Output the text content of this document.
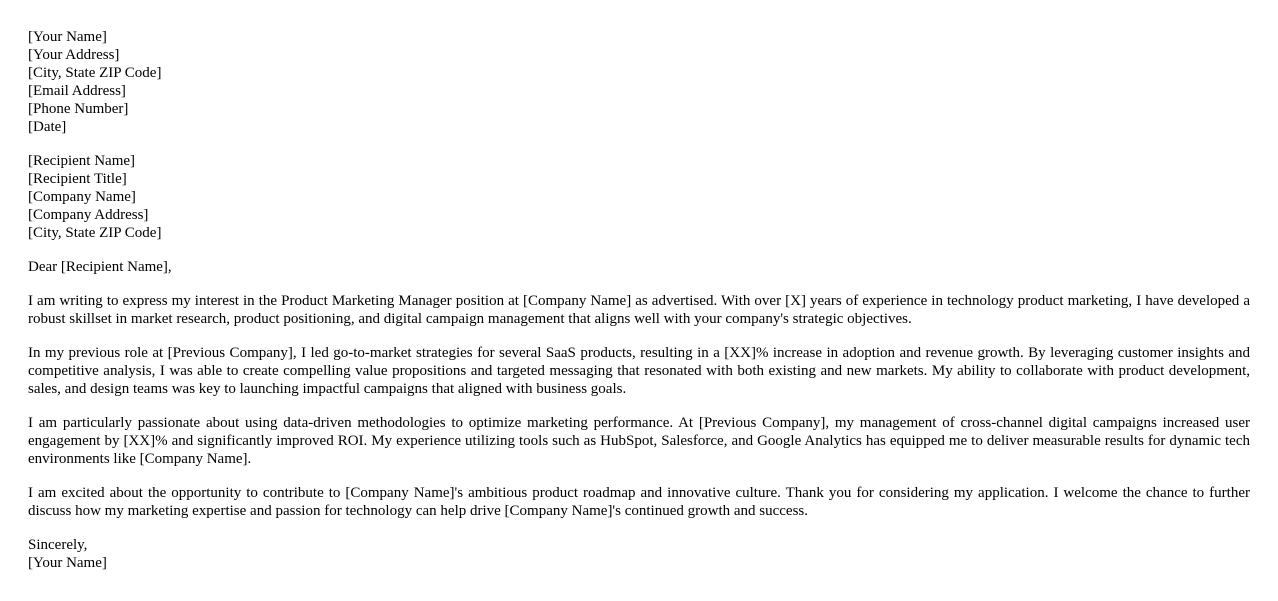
[Your Name]
[Your Address]
[City, State ZIP Code]
[Email Address]
[Phone Number]
[Date]
[Recipient Name]
[Recipient Title]
[Company Name]
[Company Address]
[City, State ZIP Code]

Dear [Recipient Name],

I am writing to express my interest in the Product Marketing Manager position at [Company Name] as advertised. With over [X] years of experience in technology product marketing, I have developed a robust skillset in market research, product positioning, and digital campaign management that aligns well with your company's strategic objectives.

In my previous role at [Previous Company], I led go-to-market strategies for several SaaS products, resulting in a [XX]% increase in adoption and revenue growth. By leveraging customer insights and competitive analysis, I was able to create compelling value propositions and targeted messaging that resonated with both existing and new markets. My ability to collaborate with product development, sales, and design teams was key to launching impactful campaigns that aligned with business goals.

I am particularly passionate about using data-driven methodologies to optimize marketing performance. At [Previous Company], my management of cross-channel digital campaigns increased user engagement by [XX]% and significantly improved ROI. My experience utilizing tools such as HubSpot, Salesforce, and Google Analytics has equipped me to deliver measurable results for dynamic tech environments like [Company Name].

I am excited about the opportunity to contribute to [Company Name]'s ambitious product roadmap and innovative culture. Thank you for considering my application. I welcome the chance to further discuss how my marketing expertise and passion for technology can help drive [Company Name]'s continued growth and success.

Sincerely,
[Your Name]
